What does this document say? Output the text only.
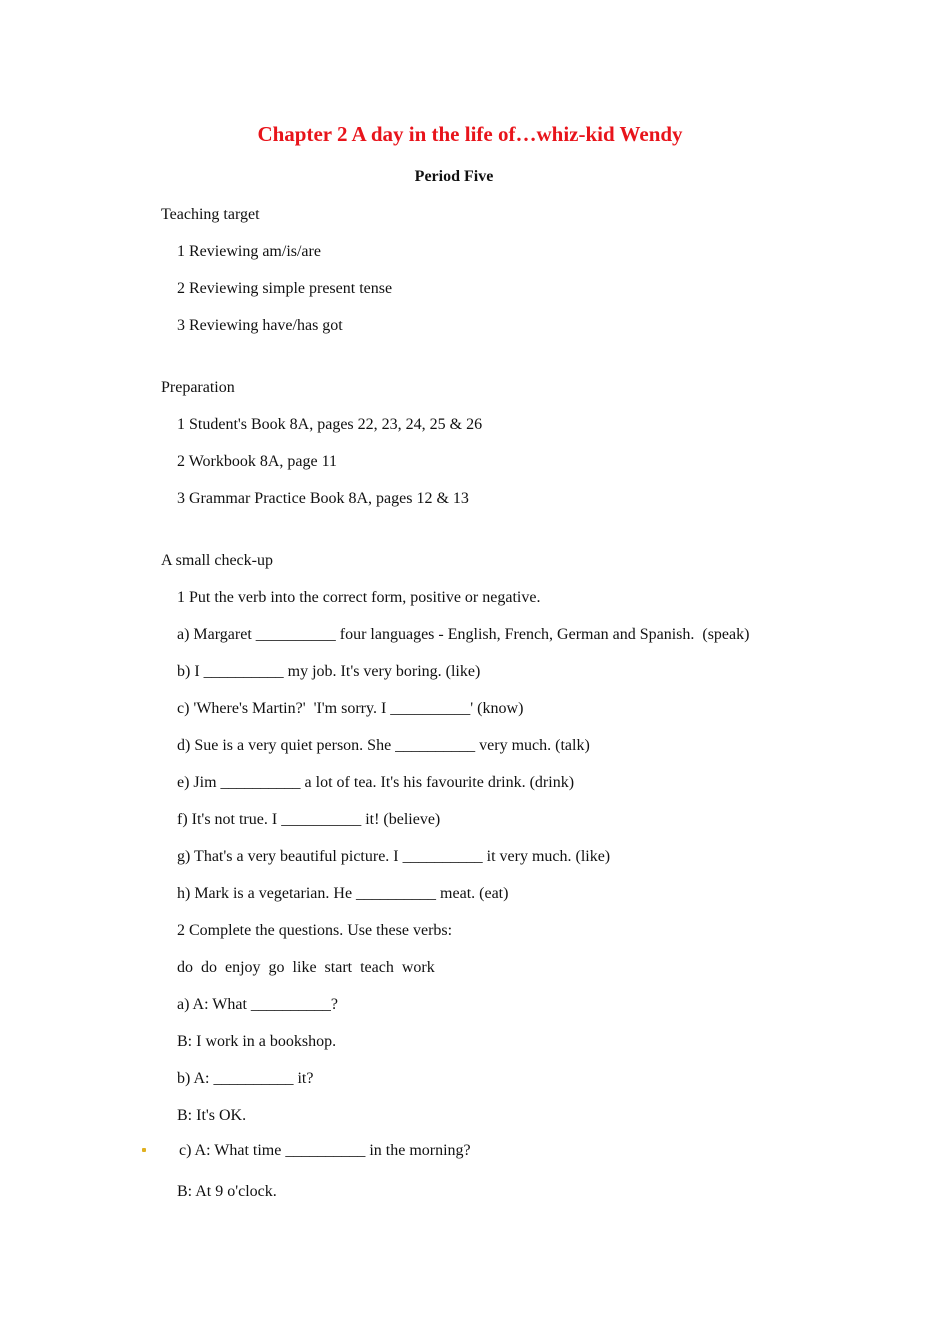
Chapter 2 A day in the life of…whiz-kid Wendy
Period Five
Teaching target
1 Reviewing am/is/are
2 Reviewing simple present tense
3 Reviewing have/has got
Preparation
1 Student's Book 8A, pages 22, 23, 24, 25 & 26
2 Workbook 8A, page 11
3 Grammar Practice Book 8A, pages 12 & 13
A small check-up
1 Put the verb into the correct form, positive or negative.
a) Margaret __________ four languages - English, French, German and Spanish.  (speak)
b) I __________ my job. It's very boring. (like)
c) 'Where's Martin?'  'I'm sorry. I __________' (know)
d) Sue is a very quiet person. She __________ very much. (talk)
e) Jim __________ a lot of tea. It's his favourite drink. (drink)
f) It's not true. I __________ it! (believe)
g) That's a very beautiful picture. I __________ it very much. (like)
h) Mark is a vegetarian. He __________ meat. (eat)
2 Complete the questions. Use these verbs:
do  do  enjoy  go  like  start  teach  work
a) A: What __________?
B: I work in a bookshop.
b) A: __________ it?
B: It's OK.
c) A: What time __________ in the morning?
B: At 9 o'clock.
